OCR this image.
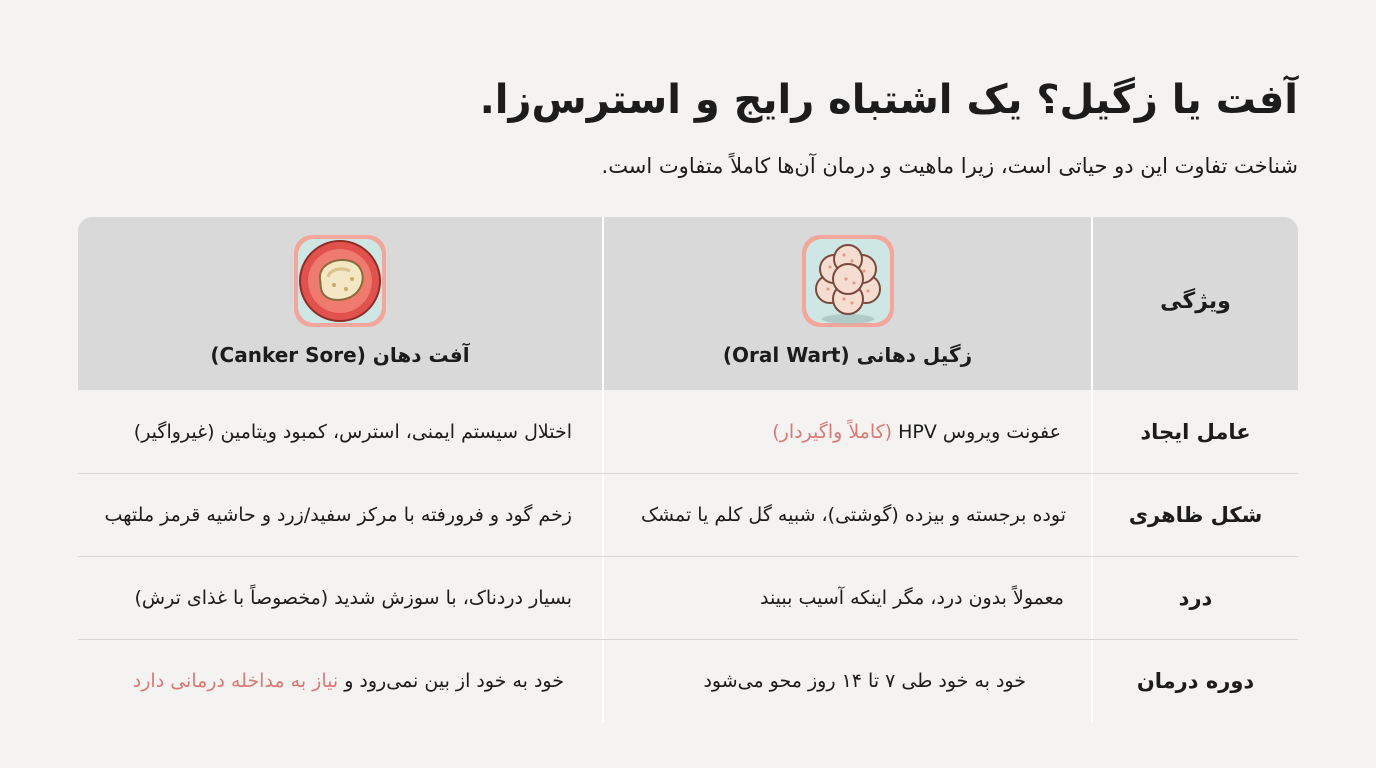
آفت یا زگیل؟ یک اشتباه رایج و استرس‌زا.

شناخت تفاوت این دو حیاتی است، زیرا ماهیت و درمان آن‌ها کاملاً متفاوت است.

ویژگی
زگیل دهانی (Oral Wart)
آفت دهان (Canker Sore)
عامل ایجاد
عفونت ویروس HPV (کاملاً واگیردار)
اختلال سیستم ایمنی، استرس، کمبود ویتامین (غیرواگیر)
شکل ظاهری
توده برجسته و بیزده (گوشتی)، شبیه گل کلم یا تمشک
زخم گود و فرورفته با مرکز سفید/زرد و حاشیه قرمز ملتهب
درد
معمولاً بدون درد، مگر اینکه آسیب ببیند
بسیار دردناک، با سوزش شدید (مخصوصاً با غذای ترش)
دوره درمان
خود به خود طی ۷ تا ۱۴ روز محو می‌شود
خود به خود از بین نمی‌رود و نیاز به مداخله درمانی دارد
